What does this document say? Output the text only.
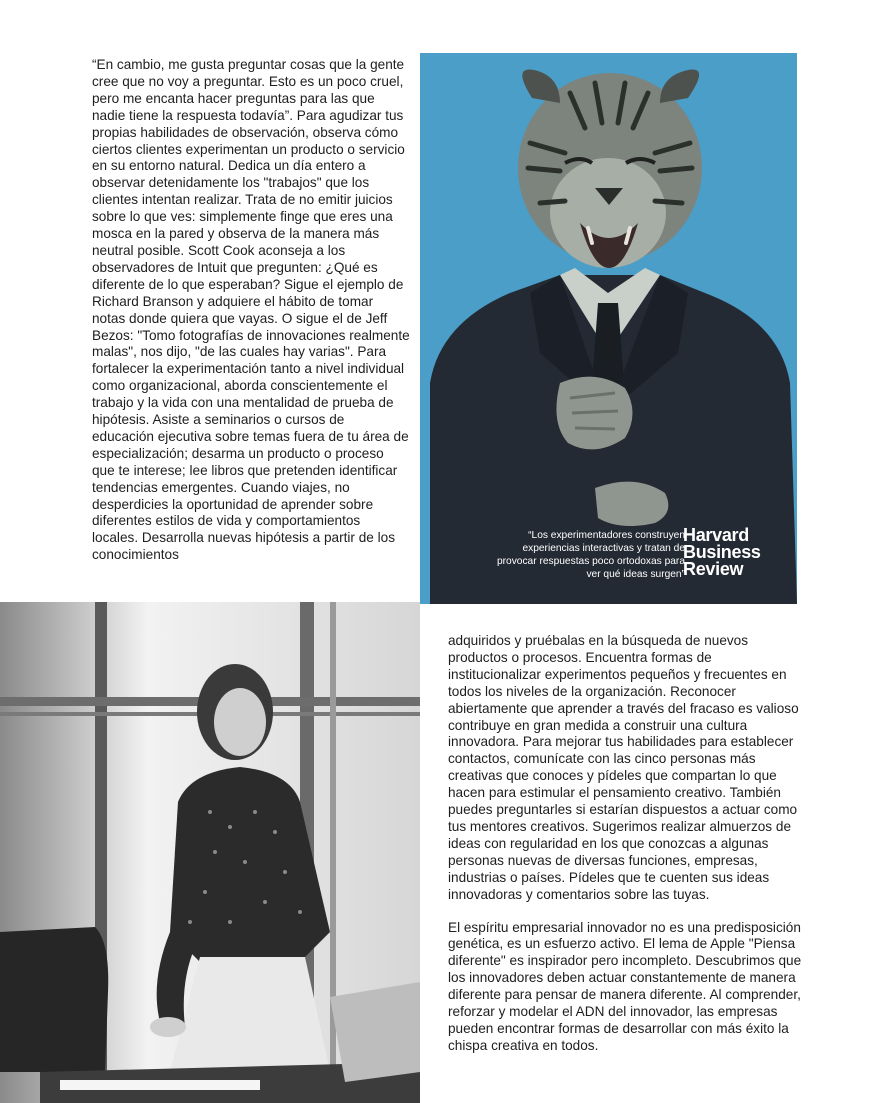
“En cambio, me gusta preguntar cosas que la gente cree que no voy a preguntar. Esto es un poco cruel, pero me encanta hacer preguntas para las que nadie tiene la respuesta todavía”. Para agudizar tus propias habilidades de observación, observa cómo ciertos clientes experimentan un producto o servicio en su entorno natural. Dedica un día entero a observar detenidamente los "trabajos" que los clientes intentan realizar. Trata de no emitir juicios sobre lo que ves: simplemente finge que eres una mosca en la pared y observa de la manera más neutral posible. Scott Cook aconseja a los observadores de Intuit que pregunten: ¿Qué es diferente de lo que esperaban? Sigue el ejemplo de Richard Branson y adquiere el hábito de tomar notas donde quiera que vayas. O sigue el de Jeff Bezos: "Tomo fotografías de innovaciones realmente malas", nos dijo, "de las cuales hay varias". Para fortalecer la experimentación tanto a nivel individual como organizacional, aborda conscientemente el trabajo y la vida con una mentalidad de prueba de hipótesis. Asiste a seminarios o cursos de educación ejecutiva sobre temas fuera de tu área de especialización; desarma un producto o proceso que te interese; lee libros que pretenden identificar tendencias emergentes. Cuando viajes, no desperdicies la oportunidad de aprender sobre diferentes estilos de vida y comportamientos locales. Desarrolla nuevas hipótesis a partir de los conocimientos

“Los experimentadores construyen experiencias interactivas y tratan de provocar respuestas poco ortodoxas para ver qué ideas surgen”
Harvard
Business
Review

adquiridos y pruébalas en la búsqueda de nuevos productos o procesos. Encuentra formas de institucionalizar experimentos pequeños y frecuentes en todos los niveles de la organización. Reconocer abiertamente que aprender a través del fracaso es valioso contribuye en gran medida a construir una cultura innovadora. Para mejorar tus habilidades para establecer contactos, comunícate con las cinco personas más creativas que conoces y pídeles que compartan lo que hacen para estimular el pensamiento creativo. También puedes preguntarles si estarían dispuestos a actuar como tus mentores creativos. Sugerimos realizar almuerzos de ideas con regularidad en los que conozcas a algunas personas nuevas de diversas funciones, empresas, industrias o países. Pídeles que te cuenten sus ideas innovadoras y comentarios sobre las tuyas.

El espíritu empresarial innovador no es una predisposición genética, es un esfuerzo activo. El lema de Apple "Piensa diferente" es inspirador pero incompleto. Descubrimos que los innovadores deben actuar constantemente de manera diferente para pensar de manera diferente. Al comprender, reforzar y modelar el ADN del innovador, las empresas pueden encontrar formas de desarrollar con más éxito la chispa creativa en todos.
